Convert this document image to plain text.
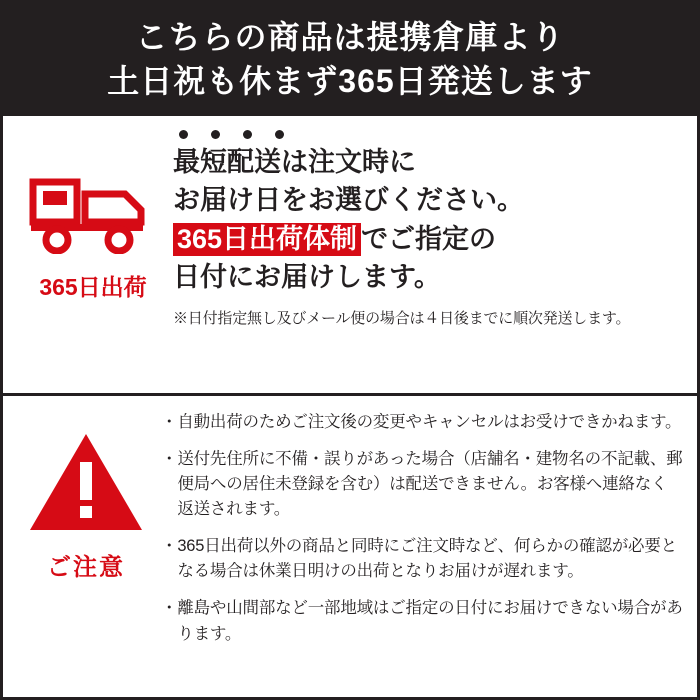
こちらの商品は提携倉庫より
土日祝も休まず365日発送します
365日出荷
最短配送は注文時に
お届け日をお選びください。
365日出荷体制 でご指定の
日付にお届けします。
※日付指定無し及びメール便の場合は４日後までに順次発送します。
ご注意
・ 自動出荷のためご注文後の変更やキャンセルはお受けできかねます。
・ 送付先住所に不備・誤りがあった場合（店舗名・建物名の不記載、郵便局への居住未登録を含む）は配送できません。お客様へ連絡なく返送されます。
・ 365日出荷以外の商品と同時にご注文時など、何らかの確認が必要となる場合は休業日明けの出荷となりお届けが遅れます。
・ 離島や山間部など一部地域はご指定の日付にお届けできない場合があります。
